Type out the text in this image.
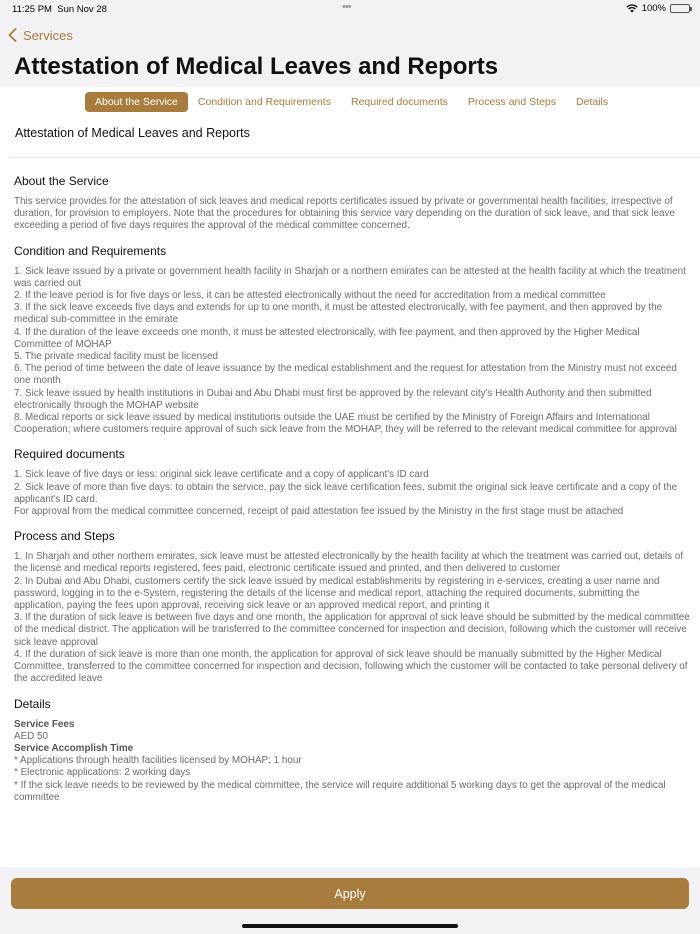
11:25 PM Sun Nov 28	•••	100%
Services
Attestation of Medical Leaves and Reports
About the Service	Condition and Requirements	Required documents	Process and Steps	Details
Attestation of Medical Leaves and Reports
About the Service

This service provides for the attestation of sick leaves and medical reports certificates issued by private or governmental health facilities, irrespective of duration, for provision to employers. Note that the procedures for obtaining this service vary depending on the duration of sick leave, and that sick leave exceeding a period of five days requires the approval of the medical committee concerned.

Condition and Requirements

1. Sick leave issued by a private or government health facility in Sharjah or a northern emirates can be attested at the health facility at which the treatment was carried out

2. If the leave period is for five days or less, it can be attested electronically without the need for accreditation from a medical committee

3. If the sick leave exceeds five days and extends for up to one month, it must be attested electronically, with fee payment, and then approved by the medical sub-committee in the emirate

4. If the duration of the leave exceeds one month, it must be attested electronically, with fee payment, and then approved by the Higher Medical Committee of MOHAP

5. The private medical facility must be licensed

6. The period of time between the date of leave issuance by the medical establishment and the request for attestation from the Ministry must not exceed one month

7. Sick leave issued by health institutions in Dubai and Abu Dhabi must first be approved by the relevant city's Health Authority and then submitted electronically through the MOHAP website

8. Medical reports or sick leave issued by medical institutions outside the UAE must be certified by the Ministry of Foreign Affairs and International Cooperation; where customers require approval of such sick leave from the MOHAP, they will be referred to the relevant medical committee for approval

Required documents

1. Sick leave of five days or less: original sick leave certificate and a copy of applicant's ID card

2. Sick leave of more than five days: to obtain the service, pay the sick leave certification fees, submit the original sick leave certificate and a copy of the applicant's ID card.

For approval from the medical committee concerned, receipt of paid attestation fee issued by the Ministry in the first stage must be attached

Process and Steps

1. In Sharjah and other northern emirates, sick leave must be attested electronically by the health facility at which the treatment was carried out, details of the license and medical reports registered, fees paid, electronic certificate issued and printed, and then delivered to customer

2. In Dubai and Abu Dhabi, customers certify the sick leave issued by medical establishments by registering in e-services, creating a user name and password, logging in to the e-System, registering the details of the license and medical report, attaching the required documents, submitting the application, paying the fees upon approval, receiving sick leave or an approved medical report, and printing it

3. If the duration of sick leave is between five days and one month, the application for approval of sick leave should be submitted by the medical committee of the medical district. The application will be transferred to the committee concerned for inspection and decision, following which the customer will receive sick leave approval

4. If the duration of sick leave is more than one month, the application for approval of sick leave should be manually submitted by the Higher Medical Committee, transferred to the committee concerned for inspection and decision, following which the customer will be contacted to take personal delivery of the accredited leave

Details

Service Fees

AED 50

Service Accomplish Time

* Applications through health facilities licensed by MOHAP: 1 hour

* Electronic applications: 2 working days

* If the sick leave needs to be reviewed by the medical committee, the service will require additional 5 working days to get the approval of the medical committee

Apply
